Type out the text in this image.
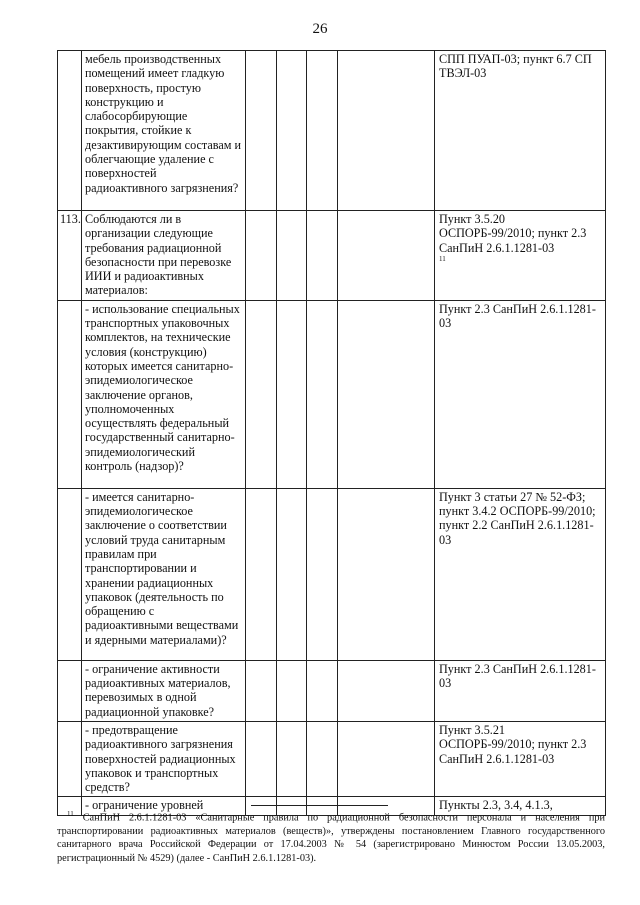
26
	мебель производственных помещений имеет гладкую поверхность, простую конструкцию и слабосорбирующие покрытия, стойкие к дезактивирующим составам и облегчающие удаление с поверхностей радиоактивного загрязнения?					СПП ПУАП-03; пункт 6.7 СП ТВЭЛ-03
113.	Соблюдаются ли в организации следующие требования радиационной безопасности при перевозке ИИИ и радиоактивных материалов:					Пункт 3.5.20 ОСПОРБ-99/2010; пункт 2.3 СанПиН 2.6.1.1281-03
11

	- использование специальных транспортных упаковочных комплектов, на технические условия (конструкцию) которых имеется санитарно-эпидемиологическое заключение органов, уполномоченных осуществлять федеральный государственный санитарно-эпидемиологический контроль (надзор)?					Пункт 2.3 СанПиН 2.6.1.1281-03
	- имеется санитарно-эпидемиологическое заключение о соответствии условий труда санитарным правилам при транспортировании и хранении радиационных упаковок (деятельность по обращению с радиоактивными веществами и ядерными материалами)?					Пункт 3 статьи 27 № 52-ФЗ; пункт 3.4.2 ОСПОРБ-99/2010; пункт 2.2 СанПиН 2.6.1.1281-03
	- ограничение активности радиоактивных материалов, перевозимых в одной радиационной упаковке?					Пункт 2.3 СанПиН 2.6.1.1281-03
	- предотвращение радиоактивного загрязнения поверхностей радиационных упаковок и транспортных средств?					Пункт 3.5.21 ОСПОРБ-99/2010; пункт 2.3 СанПиН 2.6.1.1281-03
	- ограничение уровней					Пункты 2.3, 3.4, 4.1.3,
$^{11}$ СанПиН 2.6.1.1281-03 «Санитарные правила по радиационной безопасности персонала и населения при транспортировании радиоактивных материалов (веществ)», утверждены постановлением Главного государственного санитарного врача Российской Федерации от 17.04.2003 № 54 (зарегистрировано Минюстом России 13.05.2003, регистрационный № 4529) (далее - СанПиН 2.6.1.1281-03).
